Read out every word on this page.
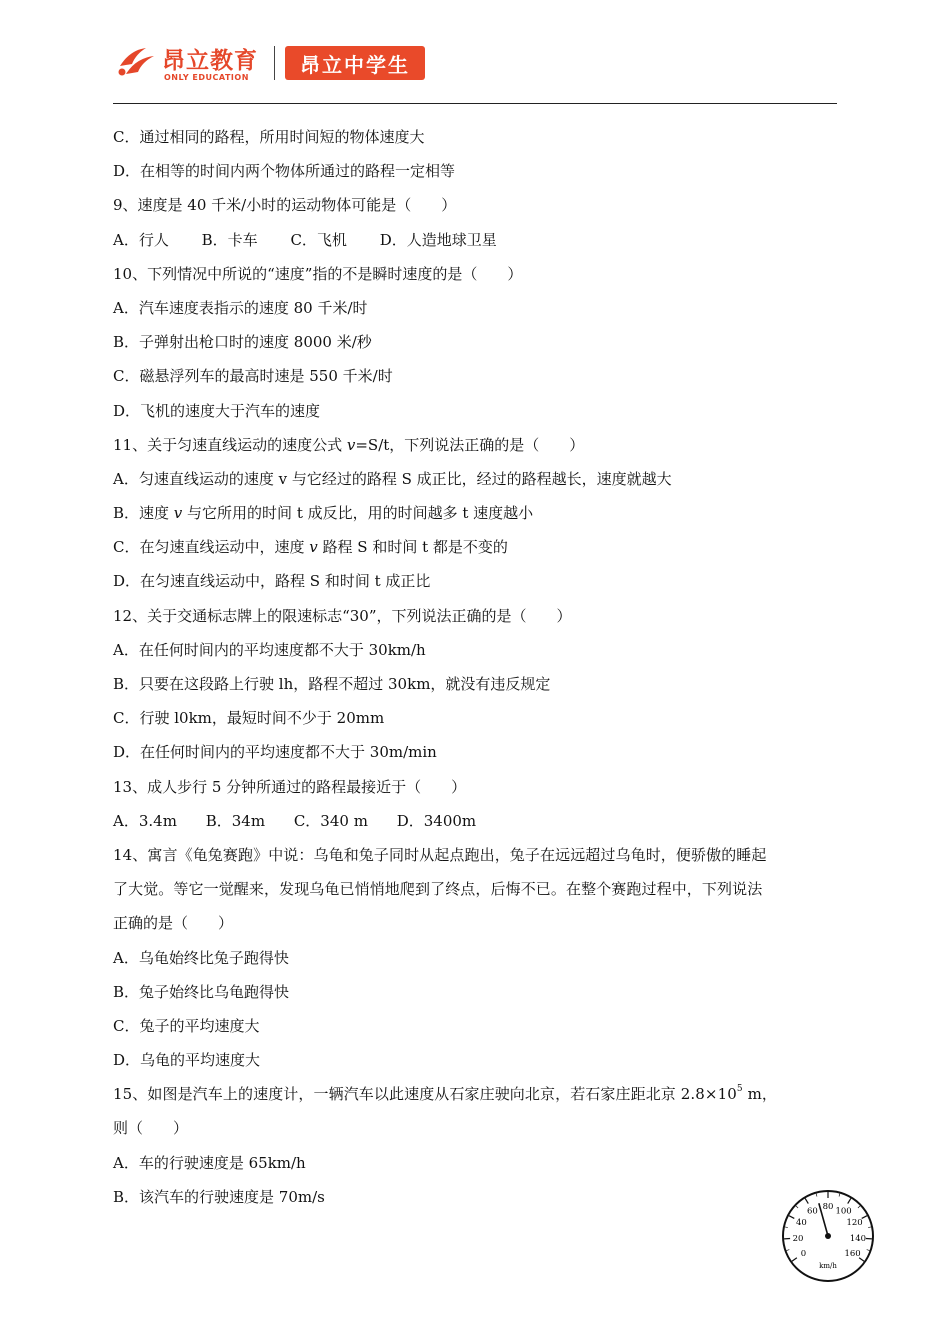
昂立教育
ONLY EDUCATION
昂立中学生
C．通过相同的路程，所用时间短的物体速度大
D．在相等的时间内两个物体所通过的路程一定相等
9、速度是 40 千米/小时的运动物体可能是（　　）
A．行人 B．卡车 C．飞机 D．人造地球卫星
10、下列情况中所说的“速度”指的不是瞬时速度的是（　　）
A．汽车速度表指示的速度 80 千米/时
B．子弹射出枪口时的速度 8000 米/秒
C．磁悬浮列车的最高时速是 550 千米/时
D．飞机的速度大于汽车的速度
11、关于匀速直线运动的速度公式 v=S/t，下列说法正确的是（　　）
A．匀速直线运动的速度 v 与它经过的路程 S 成正比，经过的路程越长，速度就越大
B．速度 v 与它所用的时间 t 成反比，用的时间越多 t 速度越小
C．在匀速直线运动中，速度 v 路程 S 和时间 t 都是不变的
D．在匀速直线运动中，路程 S 和时间 t 成正比
12、关于交通标志牌上的限速标志“30”，下列说法正确的是（　　）
A．在任何时间内的平均速度都不大于 30km/h
B．只要在这段路上行驶 lh，路程不超过 30km，就没有违反规定
C．行驶 l0km，最短时间不少于 20mm
D．在任何时间内的平均速度都不大于 30m/min
13、成人步行 5 分钟所通过的路程最接近于（　　）
A．3.4m B．34m C．340 m D．3400m
14、寓言《龟兔赛跑》中说：乌龟和兔子同时从起点跑出，兔子在远远超过乌龟时，便骄傲的睡起
了大觉。等它一觉醒来，发现乌龟已悄悄地爬到了终点，后悔不已。在整个赛跑过程中，下列说法
正确的是（　　）
A．乌龟始终比兔子跑得快
B．兔子始终比乌龟跑得快
C．兔子的平均速度大
D．乌龟的平均速度大
15、如图是汽车上的速度计，一辆汽车以此速度从石家庄驶向北京，若石家庄距北京 $2.8\times 10^5$ m，
则（　　）
A．车的行驶速度是 65km/h
B．该汽车的行驶速度是 70m/s
0
20
40
60 80 100
120
140
160
km/h
